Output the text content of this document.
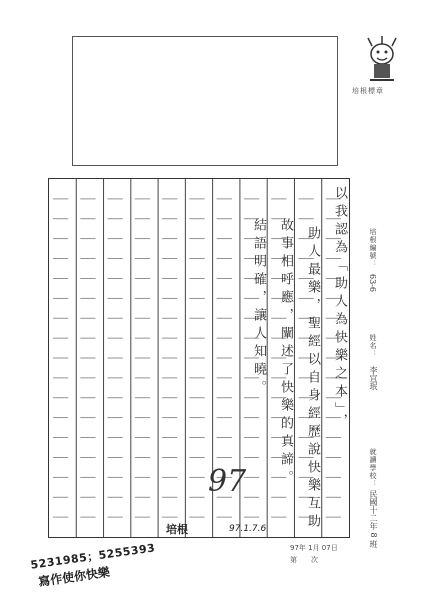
培根標章
以我認為「助人為快樂之本」，
助人最樂，聖經以自身經歷說快樂互助
故事相呼應，闡述了快樂的真諦。
結語明確，讓人知曉。	培根編號：
63-6
姓名：
李宜珉
就讀學校：
民國十二年 8 班
97
培根	97.1.7.6
97年 1月 07日
第　　次
5231985；5255393
寫作使你快樂
